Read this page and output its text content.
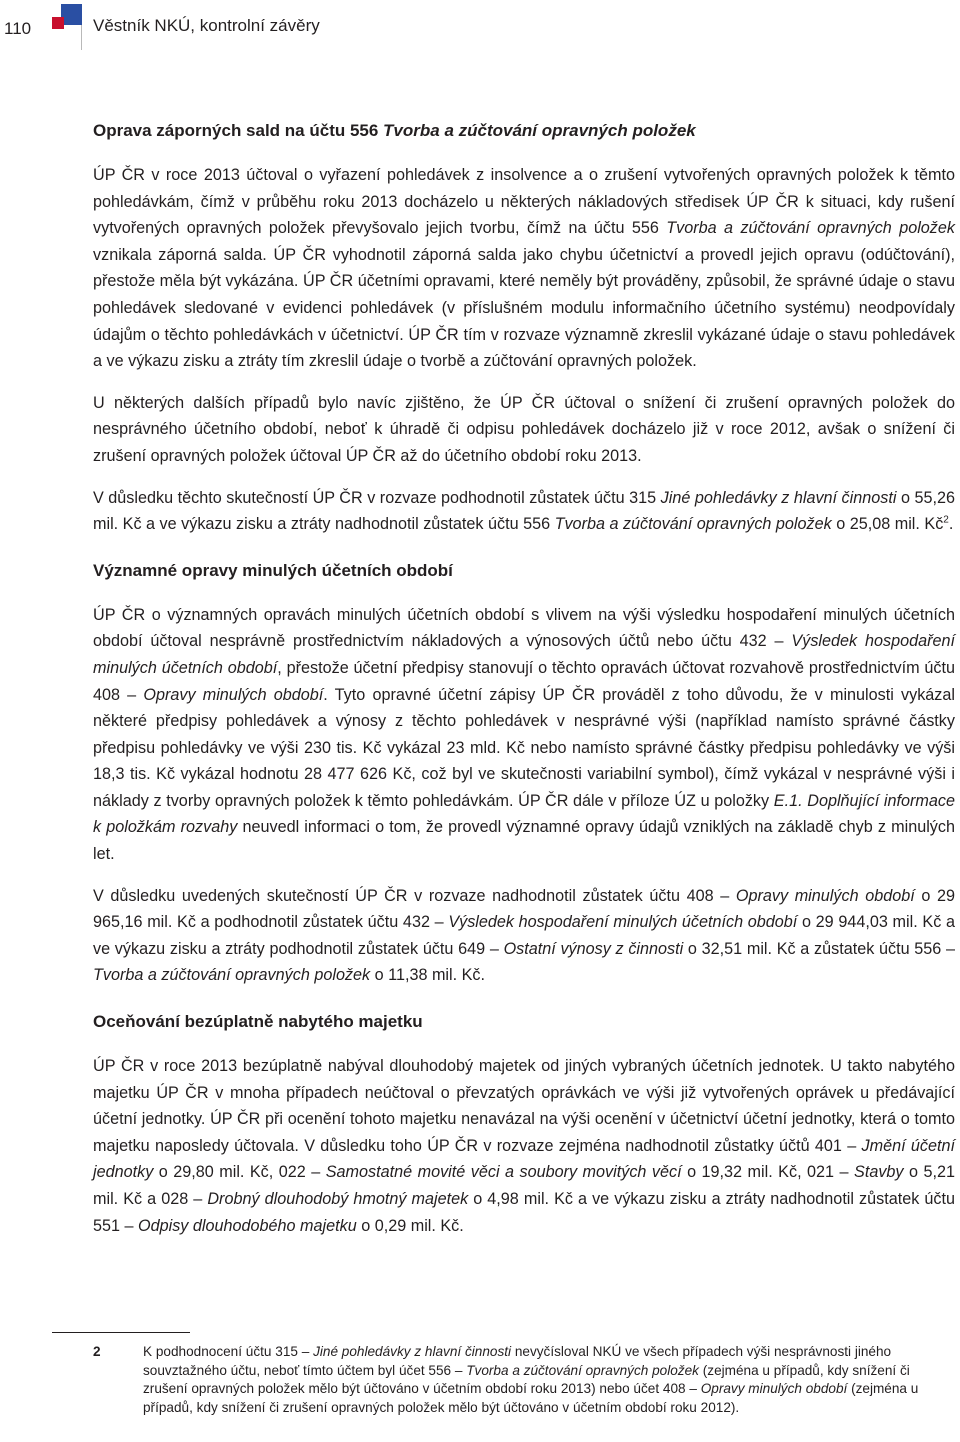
110	Věstník NKÚ, kontrolní závěry
Oprava záporných sald na účtu 556 Tvorba a zúčtování opravných položek

ÚP ČR v roce 2013 účtoval o vyřazení pohledávek z insolvence a o zrušení vytvořených opravných položek k těmto pohledávkám, čímž v průběhu roku 2013 docházelo u některých nákladových středisek ÚP ČR k situaci, kdy rušení vytvořených opravných položek převyšovalo jejich tvorbu, čímž na účtu 556 Tvorba a zúčtování opravných položek vznikala záporná salda. ÚP ČR vyhodnotil záporná salda jako chybu účetnictví a provedl jejich opravu (odúčtování), přestože měla být vykázána. ÚP ČR účetními opravami, které neměly být prováděny, způsobil, že správné údaje o stavu pohledávek sledované v evidenci pohledávek (v příslušném modulu informačního účetního systému) neodpovídaly údajům o těchto pohledávkách v účetnictví. ÚP ČR tím v rozvaze významně zkreslil vykázané údaje o stavu pohledávek a ve výkazu zisku a ztráty tím zkreslil údaje o tvorbě a zúčtování opravných položek.

U některých dalších případů bylo navíc zjištěno, že ÚP ČR účtoval o snížení či zrušení opravných položek do nesprávného účetního období, neboť k úhradě či odpisu pohledávek docházelo již v roce 2012, avšak o snížení či zrušení opravných položek účtoval ÚP ČR až do účetního období roku 2013.

V důsledku těchto skutečností ÚP ČR v rozvaze podhodnotil zůstatek účtu 315 Jiné pohledávky z hlavní činnosti o 55,26 mil. Kč a ve výkazu zisku a ztráty nadhodnotil zůstatek účtu 556 Tvorba a zúčtování opravných položek o 25,08 mil. $Kč^2$.

Významné opravy minulých účetních období

ÚP ČR o významných opravách minulých účetních období s vlivem na výši výsledku hospodaření minulých účetních období účtoval nesprávně prostřednictvím nákladových a výnosových účtů nebo účtu 432 – Výsledek hospodaření minulých účetních období, přestože účetní předpisy stanovují o těchto opravách účtovat rozvahově prostřednictvím účtu 408 – Opravy minulých období. Tyto opravné účetní zápisy ÚP ČR prováděl z toho důvodu, že v minulosti vykázal některé předpisy pohledávek a výnosy z těchto pohledávek v nesprávné výši (například namísto správné částky předpisu pohledávky ve výši 230 tis. Kč vykázal 23 mld. Kč nebo namísto správné částky předpisu pohledávky ve výši 18,3 tis. Kč vykázal hodnotu 28 477 626 Kč, což byl ve skutečnosti variabilní symbol), čímž vykázal v nesprávné výši i náklady z tvorby opravných položek k těmto pohledávkám. ÚP ČR dále v příloze ÚZ u položky E.1. Doplňující informace k položkám rozvahy neuvedl informaci o tom, že provedl významné opravy údajů vzniklých na základě chyb z minulých let.

V důsledku uvedených skutečností ÚP ČR v rozvaze nadhodnotil zůstatek účtu 408 – Opravy minulých období o 29 965,16 mil. Kč a podhodnotil zůstatek účtu 432 – Výsledek hospodaření minulých účetních období o 29 944,03 mil. Kč a ve výkazu zisku a ztráty podhodnotil zůstatek účtu 649 – Ostatní výnosy z činnosti o 32,51 mil. Kč a zůstatek účtu 556 – Tvorba a zúčtování opravných položek o 11,38 mil. Kč.

Oceňování bezúplatně nabytého majetku

ÚP ČR v roce 2013 bezúplatně nabýval dlouhodobý majetek od jiných vybraných účetních jednotek. U takto nabytého majetku ÚP ČR v mnoha případech neúčtoval o převzatých oprávkách ve výši již vytvořených oprávek u předávající účetní jednotky. ÚP ČR při ocenění tohoto majetku nenavázal na výši ocenění v účetnictví účetní jednotky, která o tomto majetku naposledy účtovala. V důsledku toho ÚP ČR v rozvaze zejména nadhodnotil zůstatky účtů 401 – Jmění účetní jednotky o 29,80 mil. Kč, 022 – Samostatné movité věci a soubory movitých věcí o 19,32 mil. Kč, 021 – Stavby o 5,21 mil. Kč a 028 – Drobný dlouhodobý hmotný majetek o 4,98 mil. Kč a ve výkazu zisku a ztráty nadhodnotil zůstatek účtu 551 – Odpisy dlouhodobého majetku o 0,29 mil. Kč.

2	K podhodnocení účtu 315 – Jiné pohledávky z hlavní činnosti nevyčísloval NKÚ ve všech případech výši nesprávnosti jiného souvztažného účtu, neboť tímto účtem byl účet 556 – Tvorba a zúčtování opravných položek (zejména u případů, kdy snížení či zrušení opravných položek mělo být účtováno v účetním období roku 2013) nebo účet 408 – Opravy minulých období (zejména u případů, kdy snížení či zrušení opravných položek mělo být účtováno v účetním období roku 2012).
